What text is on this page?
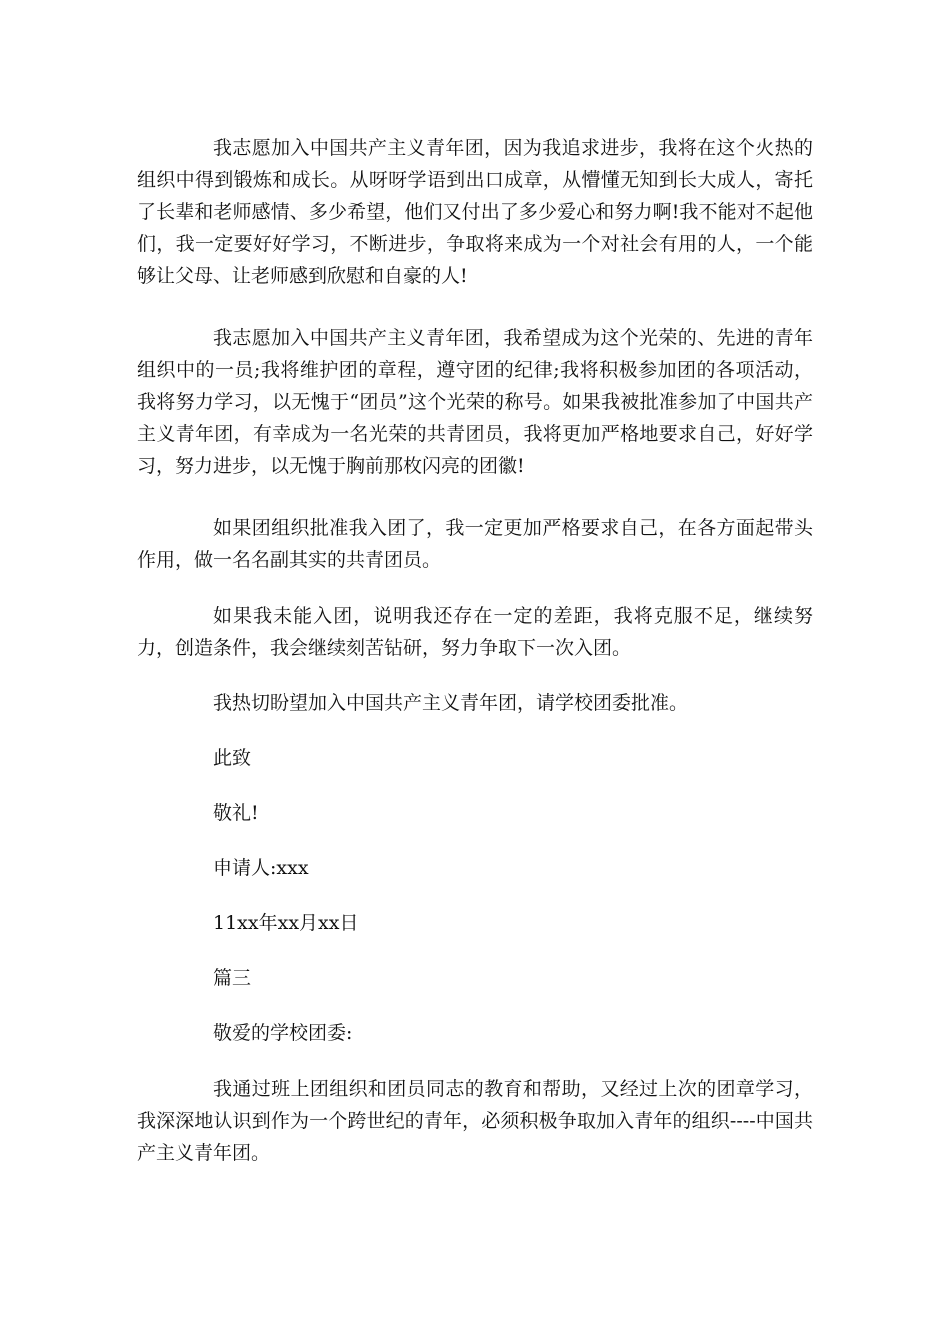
我志愿加入中国共产主义青年团，因为我追求进步，我将在这个火热的组织中得到锻炼和成长。从呀呀学语到出口成章，从懵懂无知到长大成人，寄托了长辈和老师感情、多少希望，他们又付出了多少爱心和努力啊!我不能对不起他们，我一定要好好学习，不断进步，争取将来成为一个对社会有用的人，一个能够让父母、让老师感到欣慰和自豪的人!

我志愿加入中国共产主义青年团，我希望成为这个光荣的、先进的青年组织中的一员;我将维护团的章程，遵守团的纪律;我将积极参加团的各项活动，我将努力学习，以无愧于“团员”这个光荣的称号。如果我被批准参加了中国共产主义青年团，有幸成为一名光荣的共青团员，我将更加严格地要求自己，好好学习，努力进步，以无愧于胸前那枚闪亮的团徽!

如果团组织批准我入团了，我一定更加严格要求自己，在各方面起带头作用，做一名名副其实的共青团员。

如果我未能入团，说明我还存在一定的差距，我将克服不足，继续努力，创造条件，我会继续刻苦钻研，努力争取下一次入团。

我热切盼望加入中国共产主义青年团，请学校团委批准。

此致

敬礼!

申请人:xxx

11xx年xx月xx日

篇三

敬爱的学校团委:

我通过班上团组织和团员同志的教育和帮助，又经过上次的团章学习，我深深地认识到作为一个跨世纪的青年，必须积极争取加入青年的组织----中国共产主义青年团。
